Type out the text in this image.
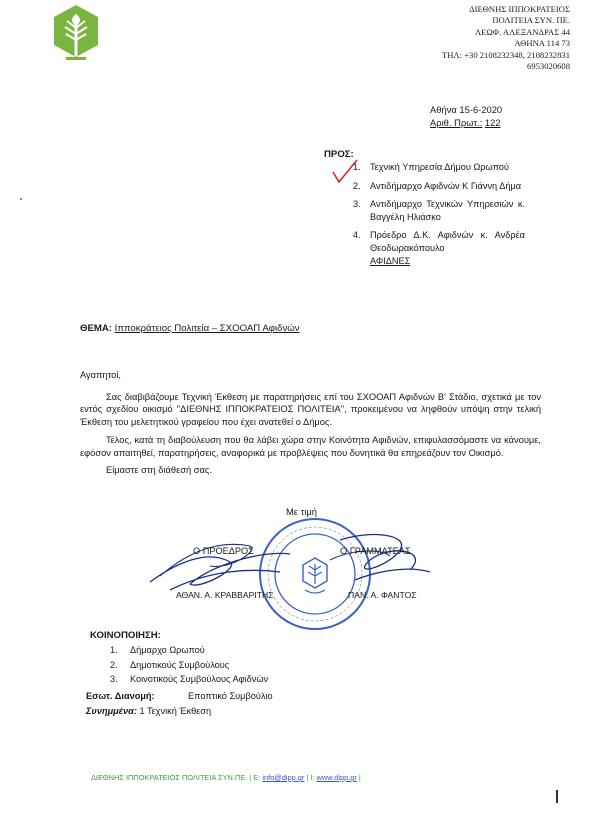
ΔΙΕΘΝΗΣ ΙΠΠΟΚΡΑΤΕΙΟΣ
ΠΟΛΙΤΕΙΑ ΣΥΝ. ΠΕ.
ΛΕΩΦ. ΑΛΕΞΑΝΔΡΑΣ 44
ΑΘΗΝΑ 114 73
ΤΗΛ: +30 2108232348, 2108232831
6953020608
Αθήνα 15-6-2020
Αριθ. Πρωτ.: 122
ΠΡΟΣ:
1. Τεχνική Υπηρεσία Δήμου Ωρωπού
2. Αντιδήμαρχο Αφιδνών Κ Γιάννη Δήμα
3. Αντιδήμαρχο Τεχνικών Υπηρεσιών κ. Βαγγέλη Ηλιάσκο
4. Πρόεδρο Δ.Κ. Αφιδνών κ. Ανδρέα Θεοδωρακόπουλο
ΑΦΙΔΝΕΣ
ΘΕΜΑ: Ιπποκράτειος Πολιτεία – ΣΧΟΟΑΠ Αφιδνών

Αγαπητοί,

Σας διαβιβάζουμε Τεχνική Έκθεση με παρατηρήσεις επί του ΣΧΟΟΑΠ Αφιδνών Β' Στάδιο, σχετικά με τον εντός σχεδίου οικισμό ''ΔΙΕΘΝΗΣ ΙΠΠΟΚΡΑΤΕΙΟΣ ΠΟΛΙΤΕΙΑ'', προκειμένου να ληφθούν υπόψη στην τελική Έκθεση του μελετητικού γραφείου που έχει ανατεθεί ο Δήμος.

Τέλος, κατά τη διαβούλευση που θα λάβει χώρα στην Κοινότητα Αφιδνών, επιφυλασσόμαστε να κάνουμε, εφόσον απαιτηθεί, παρατηρήσεις, αναφορικά με προβλέψεις που δυνητικά θα επηρεάζουν τον Οικισμό.

Είμαστε στη διάθεσή σας.

Με τιμή
Ο ΠΡΟΕΔΡΟΣ	Ο ΓΡΑΜΜΑΤΕΑΣ
ΑΘΑΝ. Α. ΚΡΑΒΒΑΡΙΤΗΣ	ΠΑΝ. Α. ΦΑΝΤΟΣ
ΚΟΙΝΟΠΟΙΗΣΗ:
1. Δήμαρχο Ωρωπού
2. Δημοτικούς Συμβούλους
3. Κοινοτικούς Συμβούλους Αφιδνών
Εσωτ. Διανομή:	Εποπτικό Συμβούλιο
Συνημμένα: 1 Τεχνική Έκθεση
ΔΙΕΘΝΗΣ ΙΠΠΟΚΡΑΤΕΙΟΣ ΠΟΛΙΤΕΙΑ ΣΥΝ.ΠΕ. | Ε: info@dipp.gr | Ι: www.dipp.gr |
